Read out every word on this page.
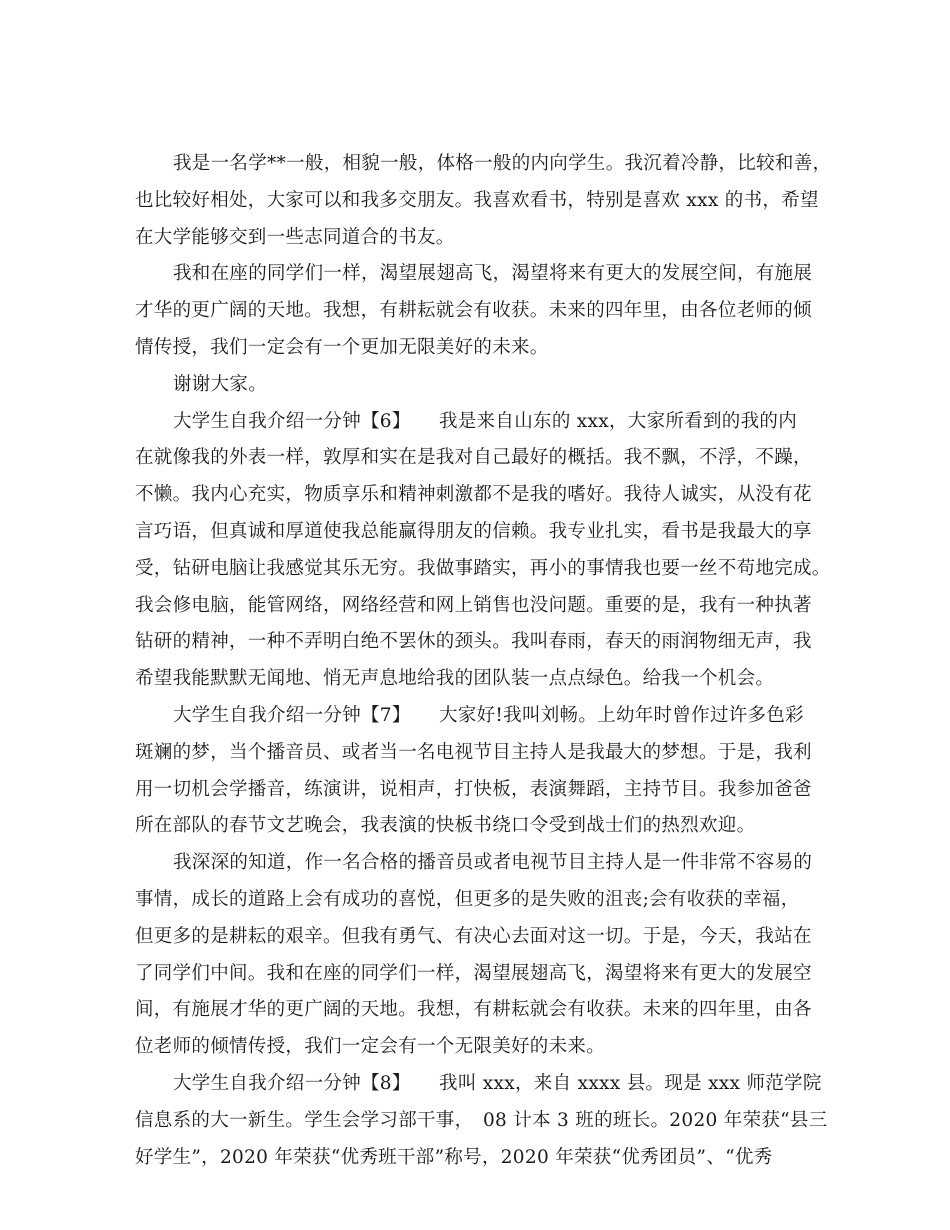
我是一名学**一般，相貌一般，体格一般的内向学生。我沉着冷静，比较和善，
也比较好相处，大家可以和我多交朋友。我喜欢看书，特别是喜欢 xxx 的书，希望
在大学能够交到一些志同道合的书友。
我和在座的同学们一样，渴望展翅高飞，渴望将来有更大的发展空间，有施展
才华的更广阔的天地。我想，有耕耘就会有收获。未来的四年里，由各位老师的倾
情传授，我们一定会有一个更加无限美好的未来。
谢谢大家。
大学生自我介绍一分钟【6】　　我是来自山东的 xxx，大家所看到的我的内
在就像我的外表一样，敦厚和实在是我对自己最好的概括。我不飘，不浮，不躁，
不懒。我内心充实，物质享乐和精神刺激都不是我的嗜好。我待人诚实，从没有花
言巧语，但真诚和厚道使我总能赢得朋友的信赖。我专业扎实，看书是我最大的享
受，钻研电脑让我感觉其乐无穷。我做事踏实，再小的事情我也要一丝不苟地完成。
我会修电脑，能管网络，网络经营和网上销售也没问题。重要的是，我有一种执著
钻研的精神，一种不弄明白绝不罢休的颈头。我叫春雨，春天的雨润物细无声，我
希望我能默默无闻地、悄无声息地给我的团队装一点点绿色。给我一个机会。
大学生自我介绍一分钟【7】　　大家好!我叫刘畅。上幼年时曾作过许多色彩
斑斓的梦，当个播音员、或者当一名电视节目主持人是我最大的梦想。于是，我利
用一切机会学播音，练演讲，说相声，打快板，表演舞蹈，主持节目。我参加爸爸
所在部队的春节文艺晚会，我表演的快板书绕口令受到战士们的热烈欢迎。
我深深的知道，作一名合格的播音员或者电视节目主持人是一件非常不容易的
事情，成长的道路上会有成功的喜悦，但更多的是失败的沮丧;会有收获的幸福，
但更多的是耕耘的艰辛。但我有勇气、有决心去面对这一切。于是，今天，我站在
了同学们中间。我和在座的同学们一样，渴望展翅高飞，渴望将来有更大的发展空
间，有施展才华的更广阔的天地。我想，有耕耘就会有收获。未来的四年里，由各
位老师的倾情传授，我们一定会有一个无限美好的未来。
大学生自我介绍一分钟【8】　　我叫 xxx，来自 xxxx 县。现是 xxx 师范学院
信息系的大一新生。学生会学习部干事，　08 计本 3 班的班长。2020 年荣获“县三
好学生”，2020 年荣获“优秀班干部”称号，2020 年荣获“优秀团员”、“优秀
